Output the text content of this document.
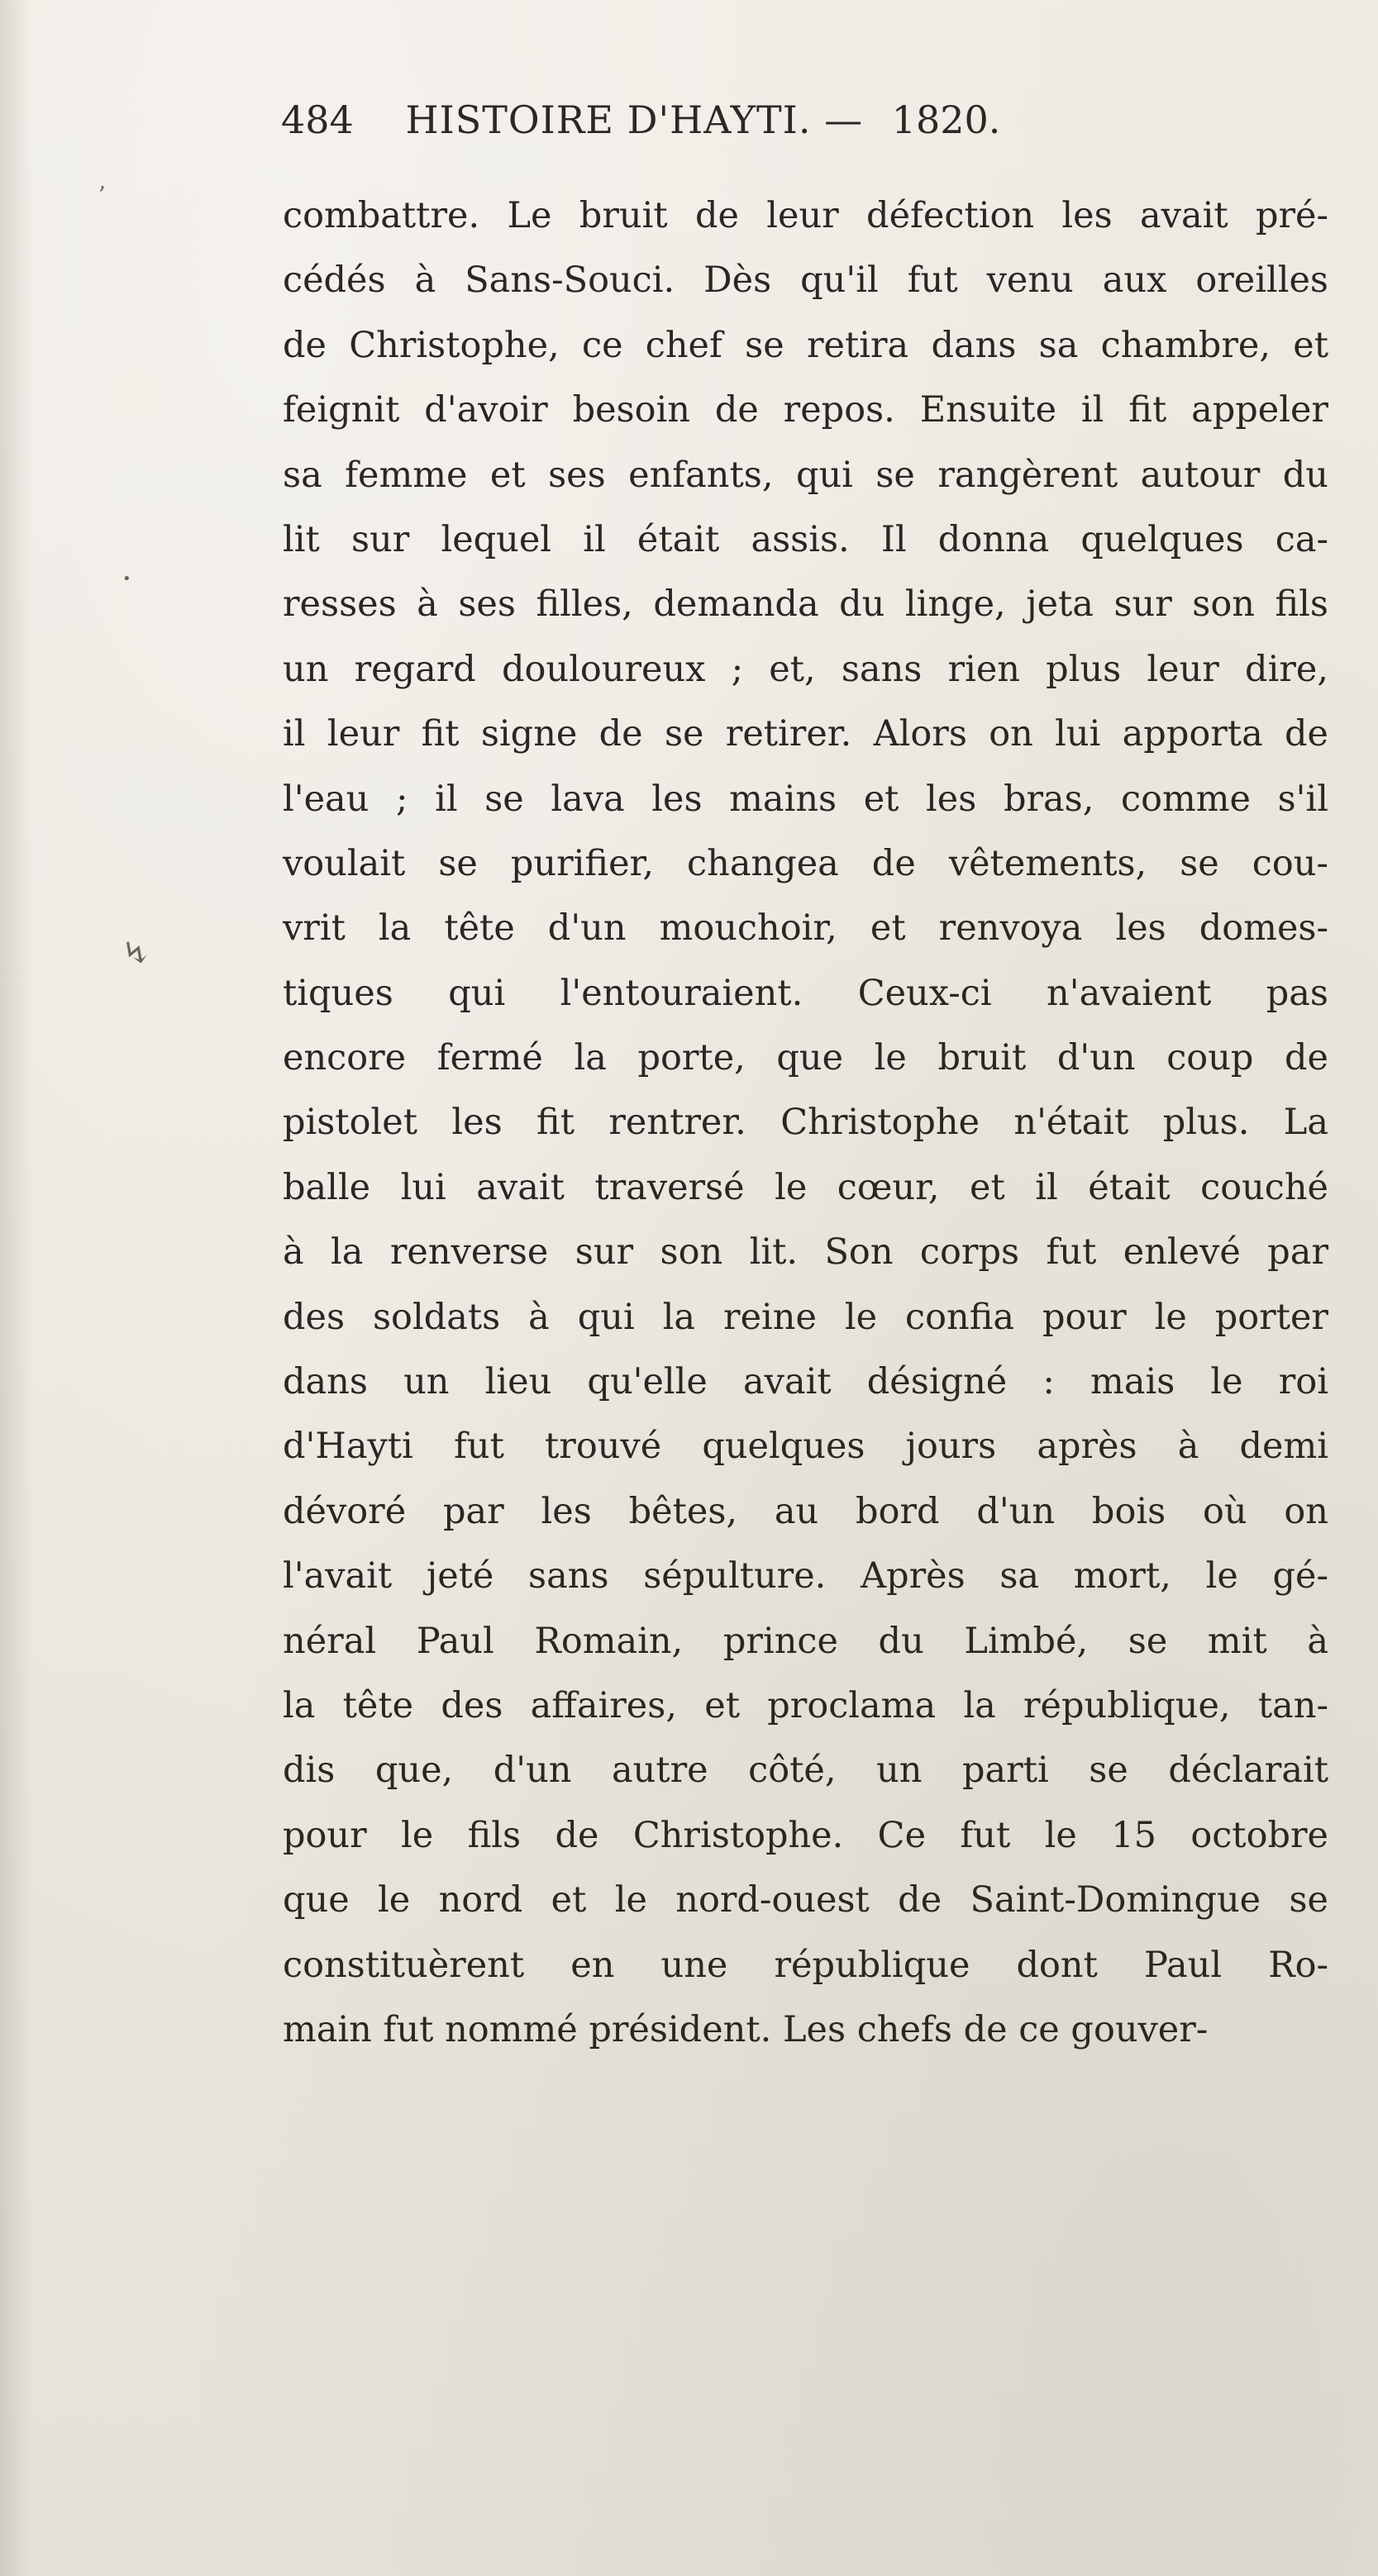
ʼ
•
↯
484 HISTOIRE D'HAYTI. — 1820.
combattre. Le bruit de leur défection les avait pré-
cédés à Sans-Souci. Dès qu'il fut venu aux oreilles
de Christophe, ce chef se retira dans sa chambre, et
feignit d'avoir besoin de repos. Ensuite il fit appeler
sa femme et ses enfants, qui se rangèrent autour du
lit sur lequel il était assis. Il donna quelques ca-
resses à ses filles, demanda du linge, jeta sur son fils
un regard douloureux ; et, sans rien plus leur dire,
il leur fit signe de se retirer. Alors on lui apporta de
l'eau ; il se lava les mains et les bras, comme s'il
voulait se purifier, changea de vêtements, se cou-
vrit la tête d'un mouchoir, et renvoya les domes-
tiques qui l'entouraient. Ceux-ci n'avaient pas
encore fermé la porte, que le bruit d'un coup de
pistolet les fit rentrer. Christophe n'était plus. La
balle lui avait traversé le cœur, et il était couché
à la renverse sur son lit. Son corps fut enlevé par
des soldats à qui la reine le confia pour le porter
dans un lieu qu'elle avait désigné : mais le roi
d'Hayti fut trouvé quelques jours après à demi
dévoré par les bêtes, au bord d'un bois où on
l'avait jeté sans sépulture. Après sa mort, le gé-
néral Paul Romain, prince du Limbé, se mit à
la tête des affaires, et proclama la république, tan-
dis que, d'un autre côté, un parti se déclarait
pour le fils de Christophe. Ce fut le 15 octobre
que le nord et le nord-ouest de Saint-Domingue se
constituèrent en une république dont Paul Ro-
main fut nommé président. Les chefs de ce gouver-
